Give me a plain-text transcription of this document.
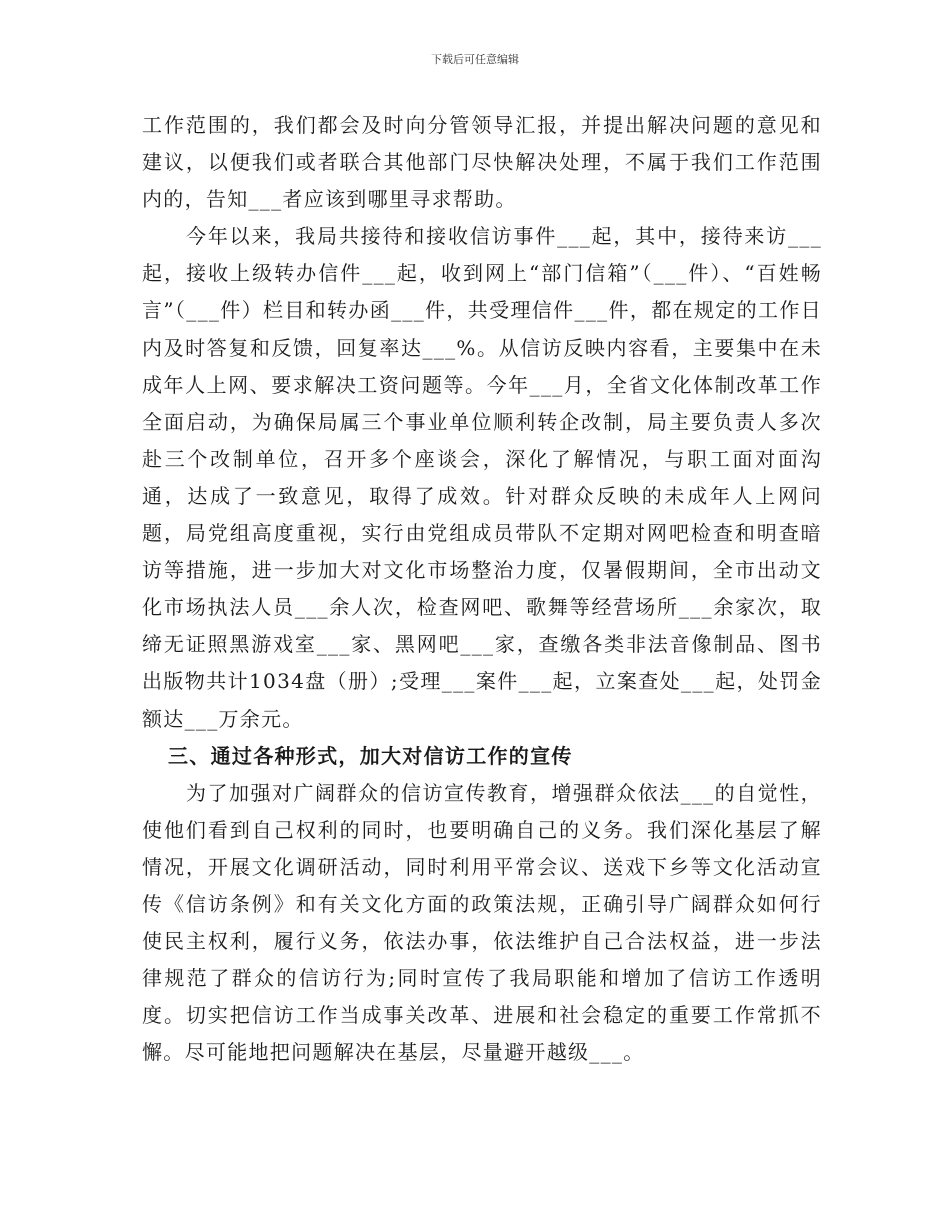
下载后可任意编辑

工作范围的，我们都会及时向分管领导汇报，并提出解决问题的意见和建议，以便我们或者联合其他部门尽快解决处理，不属于我们工作范围内的，告知___者应该到哪里寻求帮助。

今年以来，我局共接待和接收信访事件___起，其中，接待来访___起，接收上级转办信件___起，收到网上“部门信箱”（___件）、“百姓畅言”（___件）栏目和转办函___件，共受理信件___件，都在规定的工作日内及时答复和反馈，回复率达___%。从信访反映内容看，主要集中在未成年人上网、要求解决工资问题等。今年___月，全省文化体制改革工作全面启动，为确保局属三个事业单位顺利转企改制，局主要负责人多次赴三个改制单位，召开多个座谈会，深化了解情况，与职工面对面沟通，达成了一致意见，取得了成效。针对群众反映的未成年人上网问题，局党组高度重视，实行由党组成员带队不定期对网吧检查和明查暗访等措施，进一步加大对文化市场整治力度，仅暑假期间，全市出动文化市场执法人员___余人次，检查网吧、歌舞等经营场所___余家次，取缔无证照黑游戏室___家、黑网吧___家，查缴各类非法音像制品、图书出版物共计1034盘（册）;受理___案件___起，立案查处___起，处罚金额达___万余元。

三、通过各种形式，加大对信访工作的宣传

为了加强对广阔群众的信访宣传教育，增强群众依法___的自觉性，使他们看到自己权利的同时，也要明确自己的义务。我们深化基层了解情况，开展文化调研活动，同时利用平常会议、送戏下乡等文化活动宣传《信访条例》和有关文化方面的政策法规，正确引导广阔群众如何行使民主权利，履行义务，依法办事，依法维护自己合法权益，进一步法律规范了群众的信访行为;同时宣传了我局职能和增加了信访工作透明度。切实把信访工作当成事关改革、进展和社会稳定的重要工作常抓不懈。尽可能地把问题解决在基层，尽量避开越级___。
